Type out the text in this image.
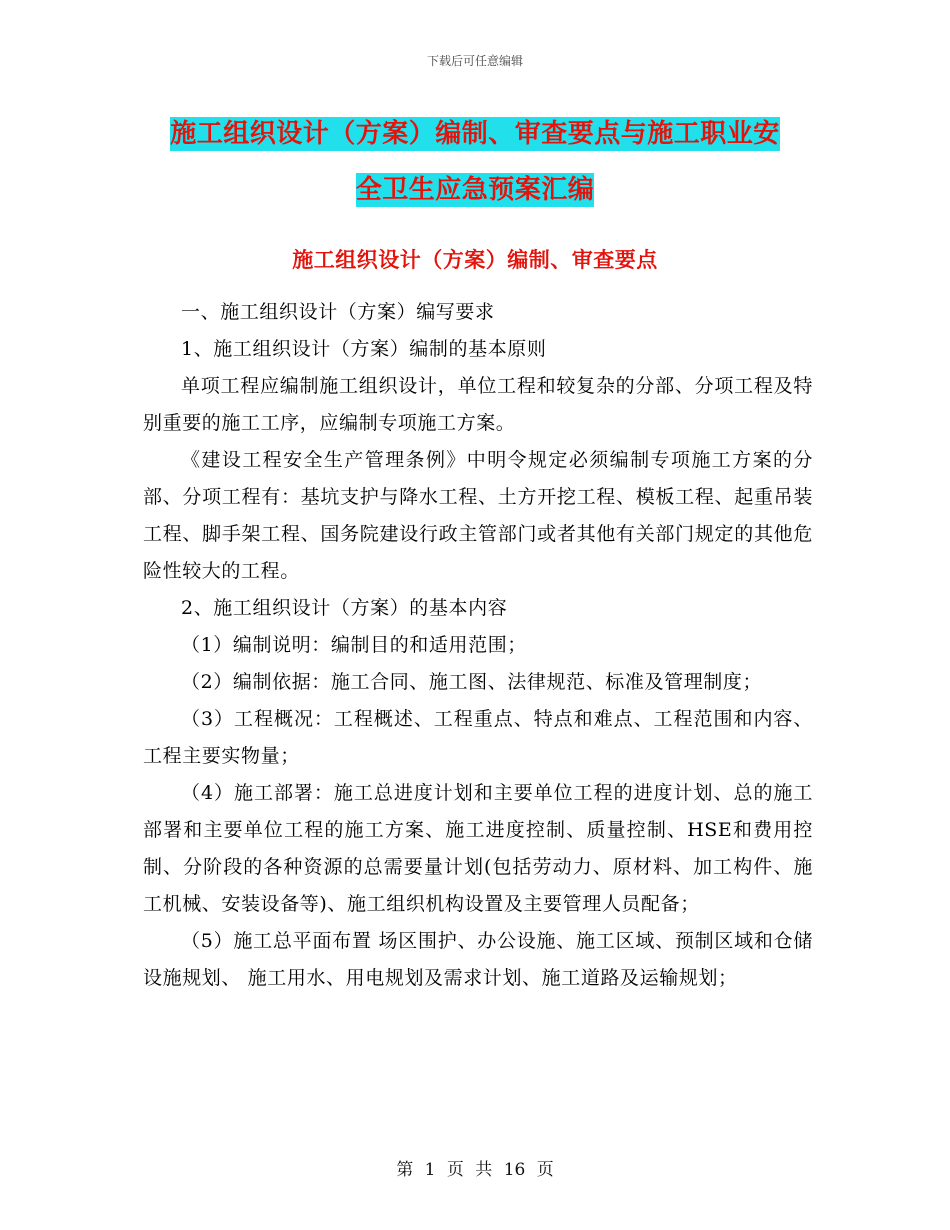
下载后可任意编辑
施工组织设计（方案）编制、审查要点与施工职业安
全卫生应急预案汇编
施工组织设计（方案）编制、审查要点

一、施工组织设计（方案）编写要求

1、施工组织设计（方案）编制的基本原则

单项工程应编制施工组织设计，单位工程和较复杂的分部、分项工程及特别重要的施工工序，应编制专项施工方案。

《建设工程安全生产管理条例》中明令规定必须编制专项施工方案的分部、分项工程有：基坑支护与降水工程、土方开挖工程、模板工程、起重吊装工程、脚手架工程、国务院建设行政主管部门或者其他有关部门规定的其他危险性较大的工程。

2、施工组织设计（方案）的基本内容

（1）编制说明：编制目的和适用范围；

（2）编制依据：施工合同、施工图、法律规范、标准及管理制度；

（3）工程概况：工程概述、工程重点、特点和难点、工程范围和内容、工程主要实物量；

（4）施工部署：施工总进度计划和主要单位工程的进度计划、总的施工部署和主要单位工程的施工方案、施工进度控制、质量控制、HSE和费用控制、分阶段的各种资源的总需要量计划(包括劳动力、原材料、加工构件、施工机械、安装设备等)、施工组织机构设置及主要管理人员配备；

（5）施工总平面布置 场区围护、办公设施、施工区域、预制区域和仓储设施规划、 施工用水、用电规划及需求计划、施工道路及运输规划；

第 1 页 共 16 页
